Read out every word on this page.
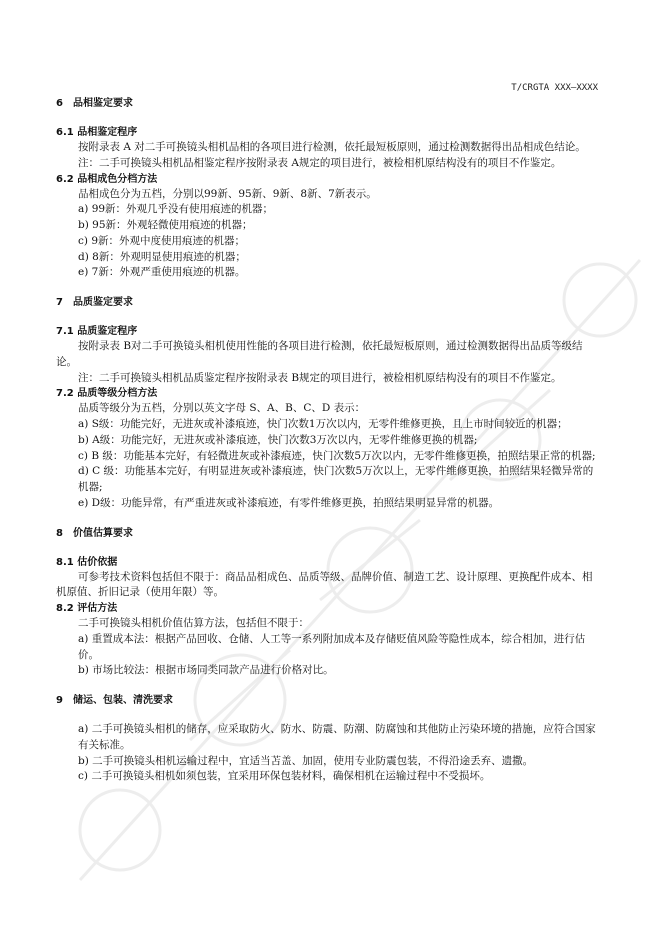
T/CRGTA XXX—XXXX
6　品相鉴定要求
6.1 品相鉴定程序
按附录表 A 对二手可换镜头相机品相的各项目进行检测，依托最短板原则，通过检测数据得出品相成色结论。
注：二手可换镜头相机品相鉴定程序按附录表 A规定的项目进行，被检相机原结构没有的项目不作鉴定。
6.2 品相成色分档方法
品相成色分为五档，分别以99新、95新、9新、8新、7新表示。
a) 99新：外观几乎没有使用痕迹的机器；
b) 95新：外观轻微使用痕迹的机器；
c) 9新：外观中度使用痕迹的机器；
d) 8新：外观明显使用痕迹的机器；
e) 7新：外观严重使用痕迹的机器。
7　品质鉴定要求
7.1 品质鉴定程序
按附录表 B对二手可换镜头相机使用性能的各项目进行检测，依托最短板原则，通过检测数据得出品质等级结论。
注：二手可换镜头相机品质鉴定程序按附录表 B规定的项目进行，被检相机原结构没有的项目不作鉴定。
7.2 品质等级分档方法
品质等级分为五档，分别以英文字母 S、A、B、C、D 表示：
a) S级：功能完好，无进灰或补漆痕迹，快门次数1万次以内，无零件维修更换，且上市时间较近的机器；
b) A级：功能完好，无进灰或补漆痕迹，快门次数3万次以内，无零件维修更换的机器;
c) B 级：功能基本完好，有轻微进灰或补漆痕迹，快门次数5万次以内，无零件维修更换，拍照结果正常的机器;
d) C 级：功能基本完好，有明显进灰或补漆痕迹，快门次数5万次以上，无零件维修更换，拍照结果轻微异常的机器;
e) D级：功能异常，有严重进灰或补漆痕迹，有零件维修更换，拍照结果明显异常的机器。
8　价值估算要求
8.1 估价依据
可参考技术资料包括但不限于：商品品相成色、品质等级、品牌价值、制造工艺、设计原理、更换配件成本、相机原值、折旧记录（使用年限）等。
8.2 评估方法
二手可换镜头相机价值估算方法，包括但不限于：
a) 重置成本法：根据产品回收、仓储、人工等一系列附加成本及存储贬值风险等隐性成本，综合相加，进行估价。
b) 市场比较法：根据市场同类同款产品进行价格对比。
9　储运、包装、清洗要求
a) 二手可换镜头相机的储存，应采取防火、防水、防震、防潮、防腐蚀和其他防止污染环境的措施，应符合国家有关标准。
b) 二手可换镜头相机运输过程中，宜适当苫盖、加固，使用专业防震包装，不得沿途丢弃、遗撒。
c) 二手可换镜头相机如须包装，宜采用环保包装材料，确保相机在运输过程中不受损坏。
